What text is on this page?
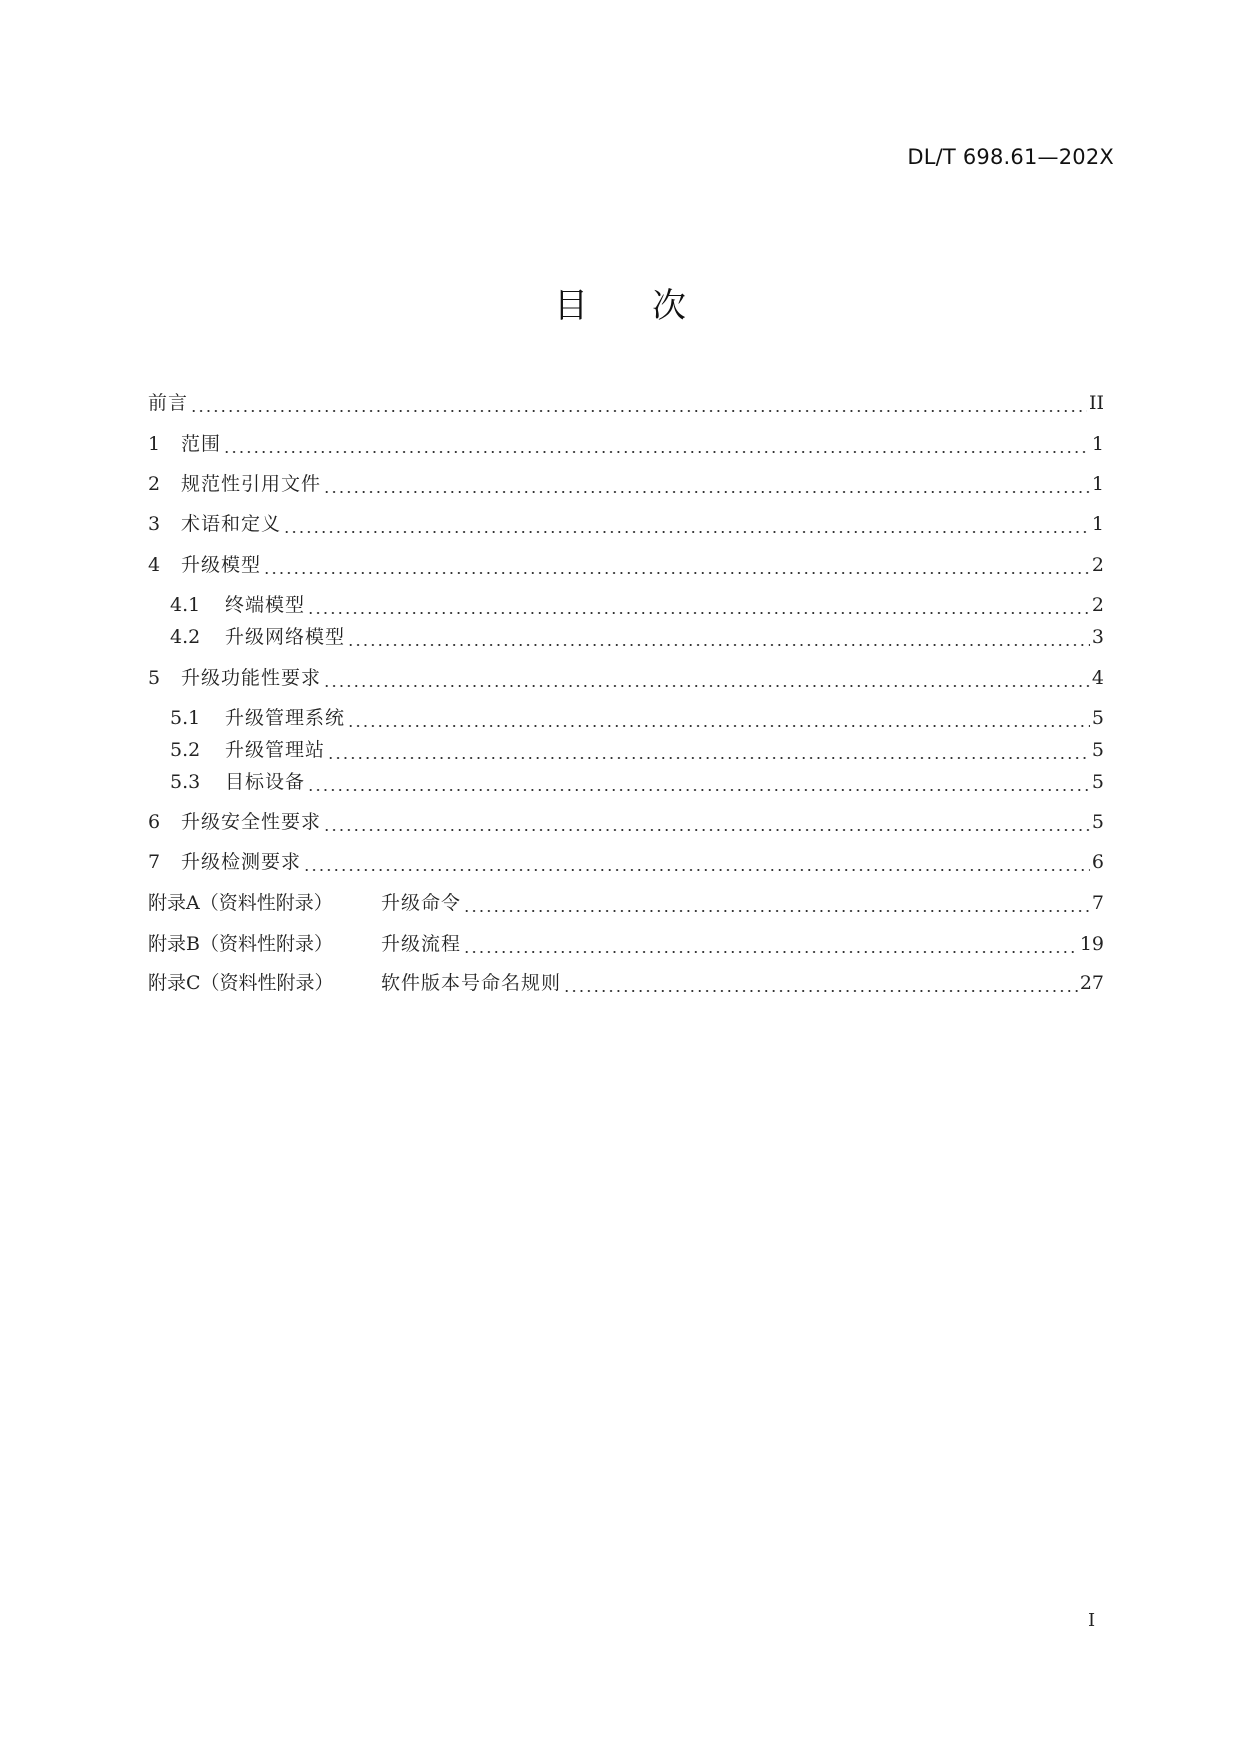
DL/T 698.61—202X
目 次
前言	II
1	范围	1
2	规范性引用文件	1
3	术语和定义	1
4	升级模型	2
4.1	终端模型	2
4.2	升级网络模型	3
5	升级功能性要求	4
5.1	升级管理系统	5
5.2	升级管理站	5
5.3	目标设备	5
6	升级安全性要求	5
7	升级检测要求	6
附录A（资料性附录）	升级命令	7
附录B（资料性附录）	升级流程	19
附录C（资料性附录）	软件版本号命名规则	27
I
